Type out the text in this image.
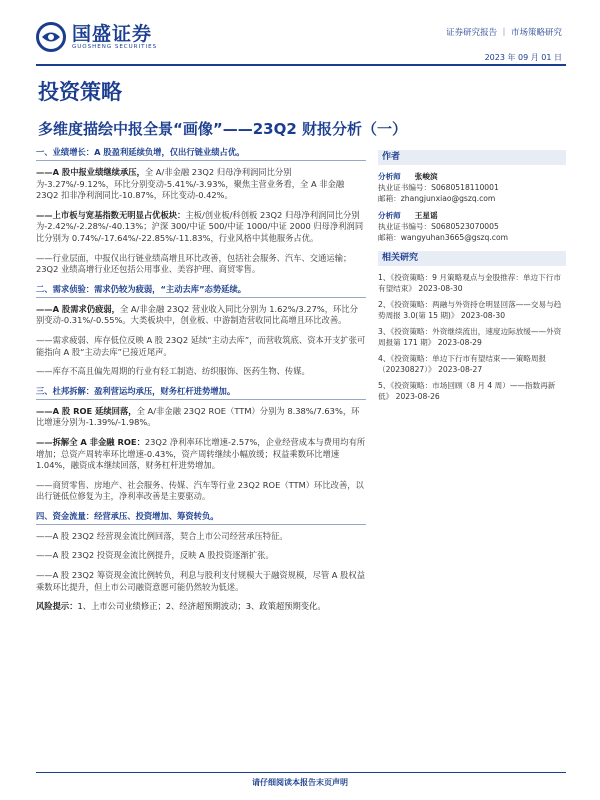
国盛证券
GUOSHENG SECURITIES
证券研究报告 ｜ 市场策略研究
2023 年 09 月 01 日
投资策略
多维度描绘中报全景“画像”——23Q2 财报分析（一）
一、业绩增长：A 股盈利延续负增，仅出行链业绩占优。
——A 股中报业绩继续承压，全 A/非金融 23Q2 归母净利润同比分别为-3.27%/-9.12%，环比分别变动-5.41%/-3.93%，聚焦主营业务看，全 A 非金融 23Q2 扣非净利润同比-10.87%，环比变动-0.42%。
——上市板与宽基指数无明显占优板块：主板/创业板/科创板 23Q2 归母净利润同比分别为-2.42%/-2.28%/-40.13%；沪深 300/中证 500/中证 1000/中证 2000 归母净利润同比分别为 0.74%/-17.64%/-22.85%/-11.83%，行业风格中其他服务占优。
——行业层面，中报仅出行链业绩高增且环比改善，包括社会服务、汽车、交通运输；23Q2 业绩高增行业还包括公用事业、美容护理、商贸零售。
二、需求侦验：需求仍较为疲弱，“主动去库”态势延续。
——A 股需求仍疲弱，全 A/非金融 23Q2 营业收入同比分别为 1.62%/3.27%，环比分别变动-0.31%/-0.55%。大类板块中，创业板、中游制造营收同比高增且环比改善。
——需求疲弱、库存低位反映 A 股 23Q2 延续“主动去库”，而营收筑底、资本开支扩张可能指向 A 股“主动去库”已接近尾声。
——库存不高且偏先周期的行业有轻工制造、纺织服饰、医药生物、传媒。
三、杜邦拆解：盈利营运均承压，财务杠杆进势增加。
——A 股 ROE 延续回落，全 A/非金融 23Q2 ROE（TTM）分别为 8.38%/7.63%，环比增速分别为-1.39%/-1.98%。
——拆解全 A 非金融 ROE：23Q2 净利率环比增速-2.57%，企业经营成本与费用均有所增加；总资产周转率环比增速-0.43%，资产周转继续小幅放缓；权益乘数环比增速 1.04%，融资成本继续回落，财务杠杆进势增加。
——商贸零售、房地产、社会服务、传媒、汽车等行业 23Q2 ROE（TTM）环比改善，以出行链低位修复为主，净利率改善是主要驱动。
四、资金流量：经营承压、投资增加、筹资转负。
——A 股 23Q2 经营现金流比例回落，契合上市公司经营承压特征。
——A 股 23Q2 投资现金流比例提升，反映 A 股投资逐渐扩张。
——A 股 23Q2 筹资现金流比例转负，利息与股利支付规模大于融资规模，尽管 A 股权益乘数环比提升，但上市公司融资意愿可能仍然较为低迷。
风险提示：1、上市公司业绩修正；2、经济超预期波动；3、政策超预期变化。
作者
分析师 张峻滨
执业证书编号：S0680518110001
邮箱：zhangjunxiao@gszq.com
分析师 王星谣
执业证书编号：S0680523070005
邮箱：wangyuhan3665@gszq.com
相关研究
1、《投资策略：9 月策略观点与金股推荐：单边下行市有望结束》 2023-08-30
2、《投资策略：两融与外资持仓明显回落——交易与趋势周报 3.0(第 15 期)》 2023-08-30
3、《投资策略：外资继续流出，速度边际放缓——外资周报第 171 期》 2023-08-29
4、《投资策略：单边下行市有望结束——策略周报（20230827）》 2023-08-27
5、《投资策略：市场回顾（8 月 4 周）——指数再新低》 2023-08-26
请仔细阅读本报告末页声明
